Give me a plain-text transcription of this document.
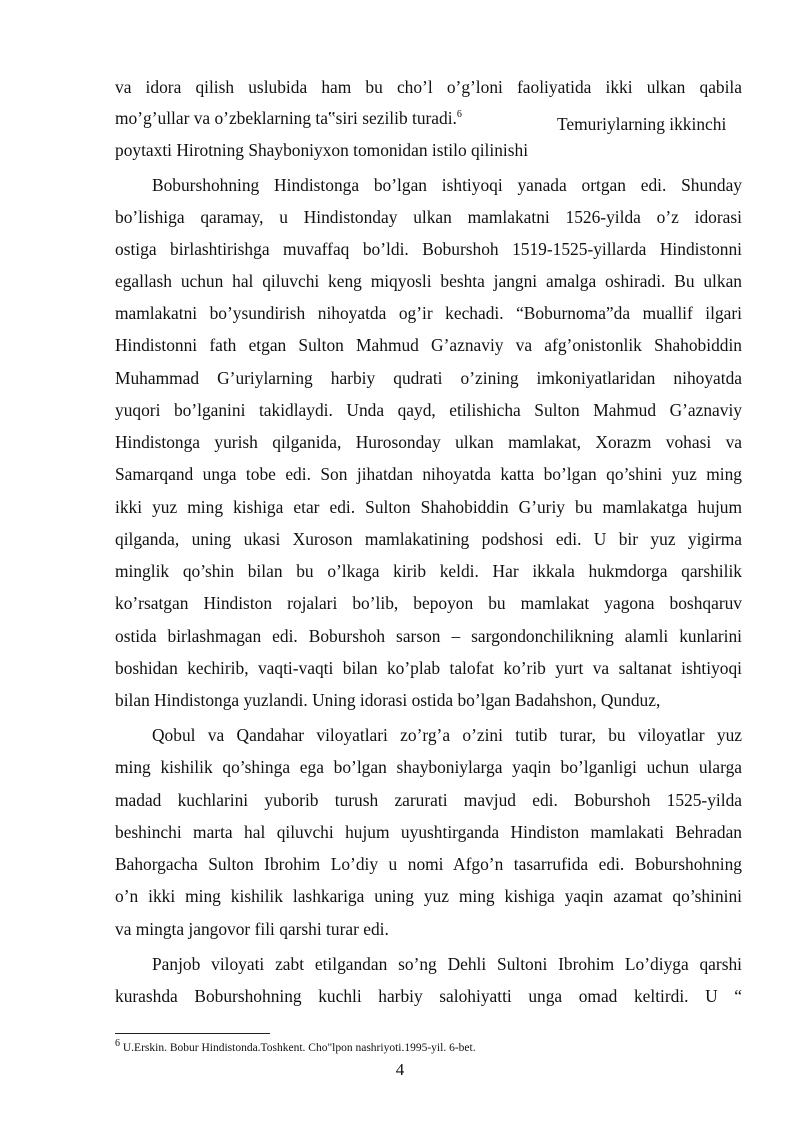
va idora qilish uslubida ham bu cho’l o’g’loni faoliyatida ikki ulkan qabila
mo’g’ullar va o’zbeklarning ta‟siri sezilib turadi.$^6$	Temuriylarning ikkinchi
poytaxti Hirotning Shayboniyxon tomonidan istilo qilinishi
Boburshohning Hindistonga bo’lgan ishtiyoqi yanada ortgan edi. Shunday
bo’lishiga qaramay, u Hindistonday ulkan mamlakatni 1526-yilda o’z idorasi
ostiga birlashtirishga muvaffaq bo’ldi. Boburshoh 1519-1525-yillarda Hindistonni
egallash uchun hal qiluvchi keng miqyosli beshta jangni amalga oshiradi. Bu ulkan
mamlakatni bo’ysundirish nihoyatda og’ir kechadi. “Boburnoma”da muallif ilgari
Hindistonni fath etgan Sulton Mahmud G’aznaviy va afg’onistonlik Shahobiddin
Muhammad G’uriylarning harbiy qudrati o’zining imkoniyatlaridan nihoyatda
yuqori bo’lganini takidlaydi. Unda qayd, etilishicha Sulton Mahmud G’aznaviy
Hindistonga yurish qilganida, Hurosonday ulkan mamlakat, Xorazm vohasi va
Samarqand unga tobe edi. Son jihatdan nihoyatda katta bo’lgan qo’shini yuz ming
ikki yuz ming kishiga etar edi. Sulton Shahobiddin G’uriy bu mamlakatga hujum
qilganda, uning ukasi Xuroson mamlakatining podshosi edi. U bir yuz yigirma
minglik qo’shin bilan bu o’lkaga kirib keldi. Har ikkala hukmdorga qarshilik
ko’rsatgan Hindiston rojalari bo’lib, bepoyon bu mamlakat yagona boshqaruv
ostida birlashmagan edi. Boburshoh sarson – sargondonchilikning alamli kunlarini
boshidan kechirib, vaqti-vaqti bilan ko’plab talofat ko’rib yurt va saltanat ishtiyoqi
bilan Hindistonga yuzlandi. Uning idorasi ostida bo’lgan Badahshon, Qunduz,
Qobul va Qandahar viloyatlari zo’rg’a o’zini tutib turar, bu viloyatlar yuz
ming kishilik qo’shinga ega bo’lgan shayboniylarga yaqin bo’lganligi uchun ularga
madad kuchlarini yuborib turush zarurati mavjud edi. Boburshoh 1525-yilda
beshinchi marta hal qiluvchi hujum uyushtirganda Hindiston mamlakati Behradan
Bahorgacha Sulton Ibrohim Lo’diy u nomi Afgo’n tasarrufida edi. Boburshohning
o’n ikki ming kishilik lashkariga uning yuz ming kishiga yaqin azamat qo’shinini
va mingta jangovor fili qarshi turar edi.
Panjob viloyati zabt etilgandan so’ng Dehli Sultoni Ibrohim Lo’diyga qarshi
kurashda Boburshohning kuchli harbiy salohiyatti unga omad keltirdi. U “
$^6$ U.Erskin. Bobur Hindistonda.Toshkent. Cho"lpon nashriyoti.1995-yil. 6-bet.
4
